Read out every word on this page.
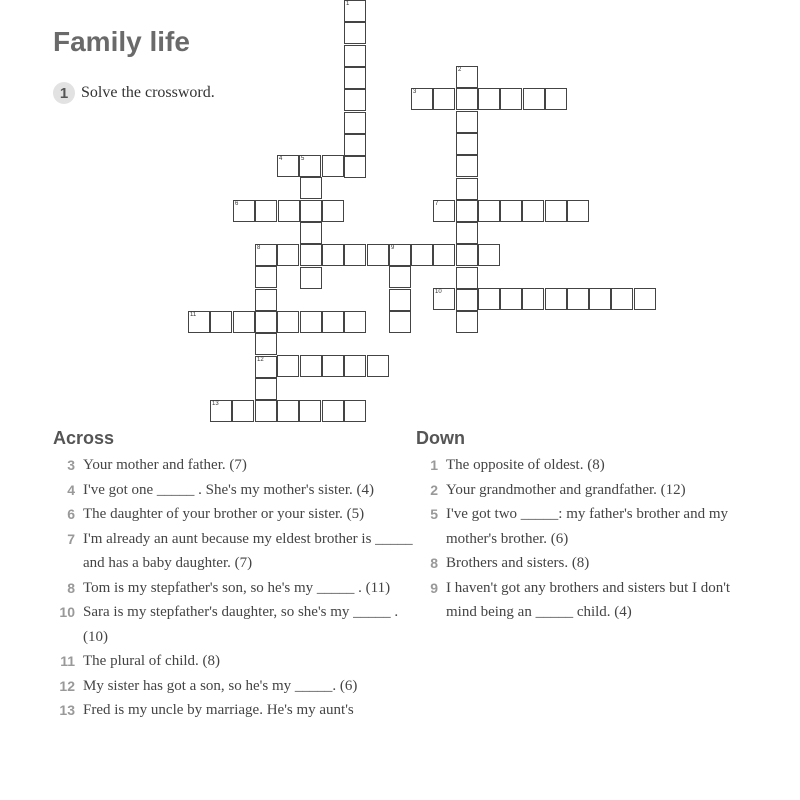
Family life
1 Solve the crossword.
1
2
3
4	5
6	7
8	9
12
10
11
13
Across
3 Your mother and father. (7)
4 I've got one _____ . She's my mother's sister. (4)
6 The daughter of your brother or your sister. (5)
7 I'm already an aunt because my eldest brother is _____ and has a baby daughter. (7)
8 Tom is my stepfather's son, so he's my _____ . (11)
10 Sara is my stepfather's daughter, so she's my _____ . (10)
11 The plural of child. (8)
12 My sister has got a son, so he's my _____. (6)
13 Fred is my uncle by marriage. He's my aunt's
Down
1 The opposite of oldest. (8)
2 Your grandmother and grandfather. (12)
5 I've got two _____: my father's brother and my mother's brother. (6)
8 Brothers and sisters. (8)
9 I haven't got any brothers and sisters but I don't mind being an _____ child. (4)
